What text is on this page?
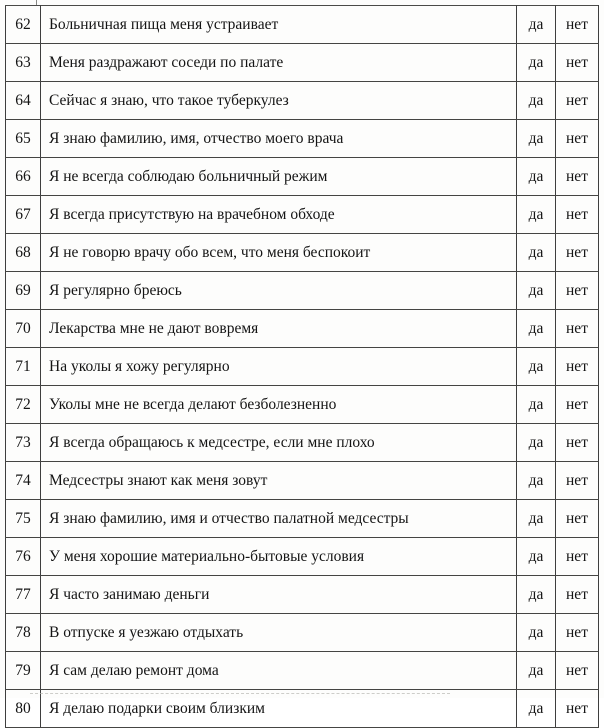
62	Больничная пища меня устраивает	да	нет
63	Меня раздражают соседи по палате	да	нет
64	Сейчас я знаю, что такое туберкулез	да	нет
65	Я знаю фамилию, имя, отчество моего врача	да	нет
66	Я не всегда соблюдаю больничный режим	да	нет
67	Я всегда присутствую на врачебном обходе	да	нет
68	Я не говорю врачу обо всем, что меня беспокоит	да	нет
69	Я регулярно бреюсь	да	нет
70	Лекарства мне не дают вовремя	да	нет
71	На уколы я хожу регулярно	да	нет
72	Уколы мне не всегда делают безболезненно	да	нет
73	Я всегда обращаюсь к медсестре, если мне плохо	да	нет
74	Медсестры знают как меня зовут	да	нет
75	Я знаю фамилию, имя и отчество палатной медсестры	да	нет
76	У меня хорошие материально-бытовые условия	да	нет
77	Я часто занимаю деньги	да	нет
78	В отпуске я уезжаю отдыхать	да	нет
79	Я сам делаю ремонт дома	да	нет
80	Я делаю подарки своим близким	да	нет
